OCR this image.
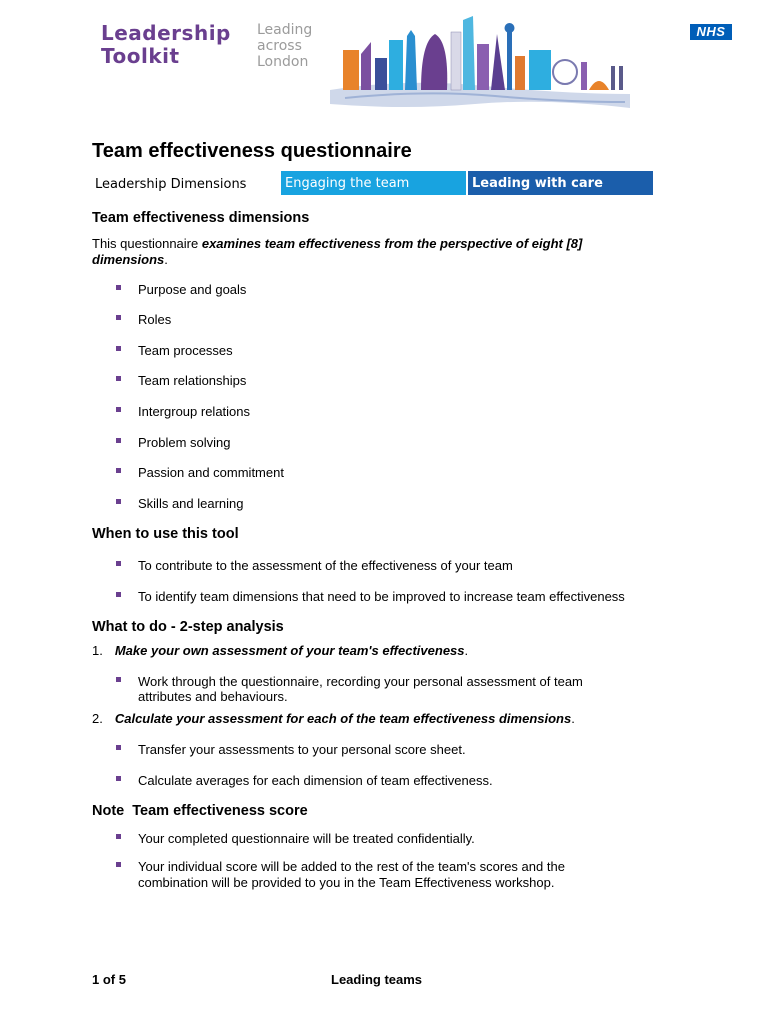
Leadership
Toolkit
Leading
across
London
NHS
Team effectiveness questionnaire
Leadership Dimensions	Engaging the team	Leading with care
Team effectiveness dimensions

This questionnaire examines team effectiveness from the perspective of eight [8] dimensions.

Purpose and goals
Roles
Team processes
Team relationships
Intergroup relations
Problem solving
Passion and commitment
Skills and learning
When to use this tool
To contribute to the assessment of the effectiveness of your team
To identify team dimensions that need to be improved to increase team effectiveness
What to do - 2-step analysis
1. Make your own assessment of your team's effectiveness.
Work through the questionnaire, recording your personal assessment of team
attributes and behaviours.
2. Calculate your assessment for each of the team effectiveness dimensions.
Transfer your assessments to your personal score sheet.
Calculate averages for each dimension of team effectiveness.
Note Team effectiveness score
Your completed questionnaire will be treated confidentially.
Your individual score will be added to the rest of the team's scores and the
combination will be provided to you in the Team Effectiveness workshop.
1 of 5	Leading teams
